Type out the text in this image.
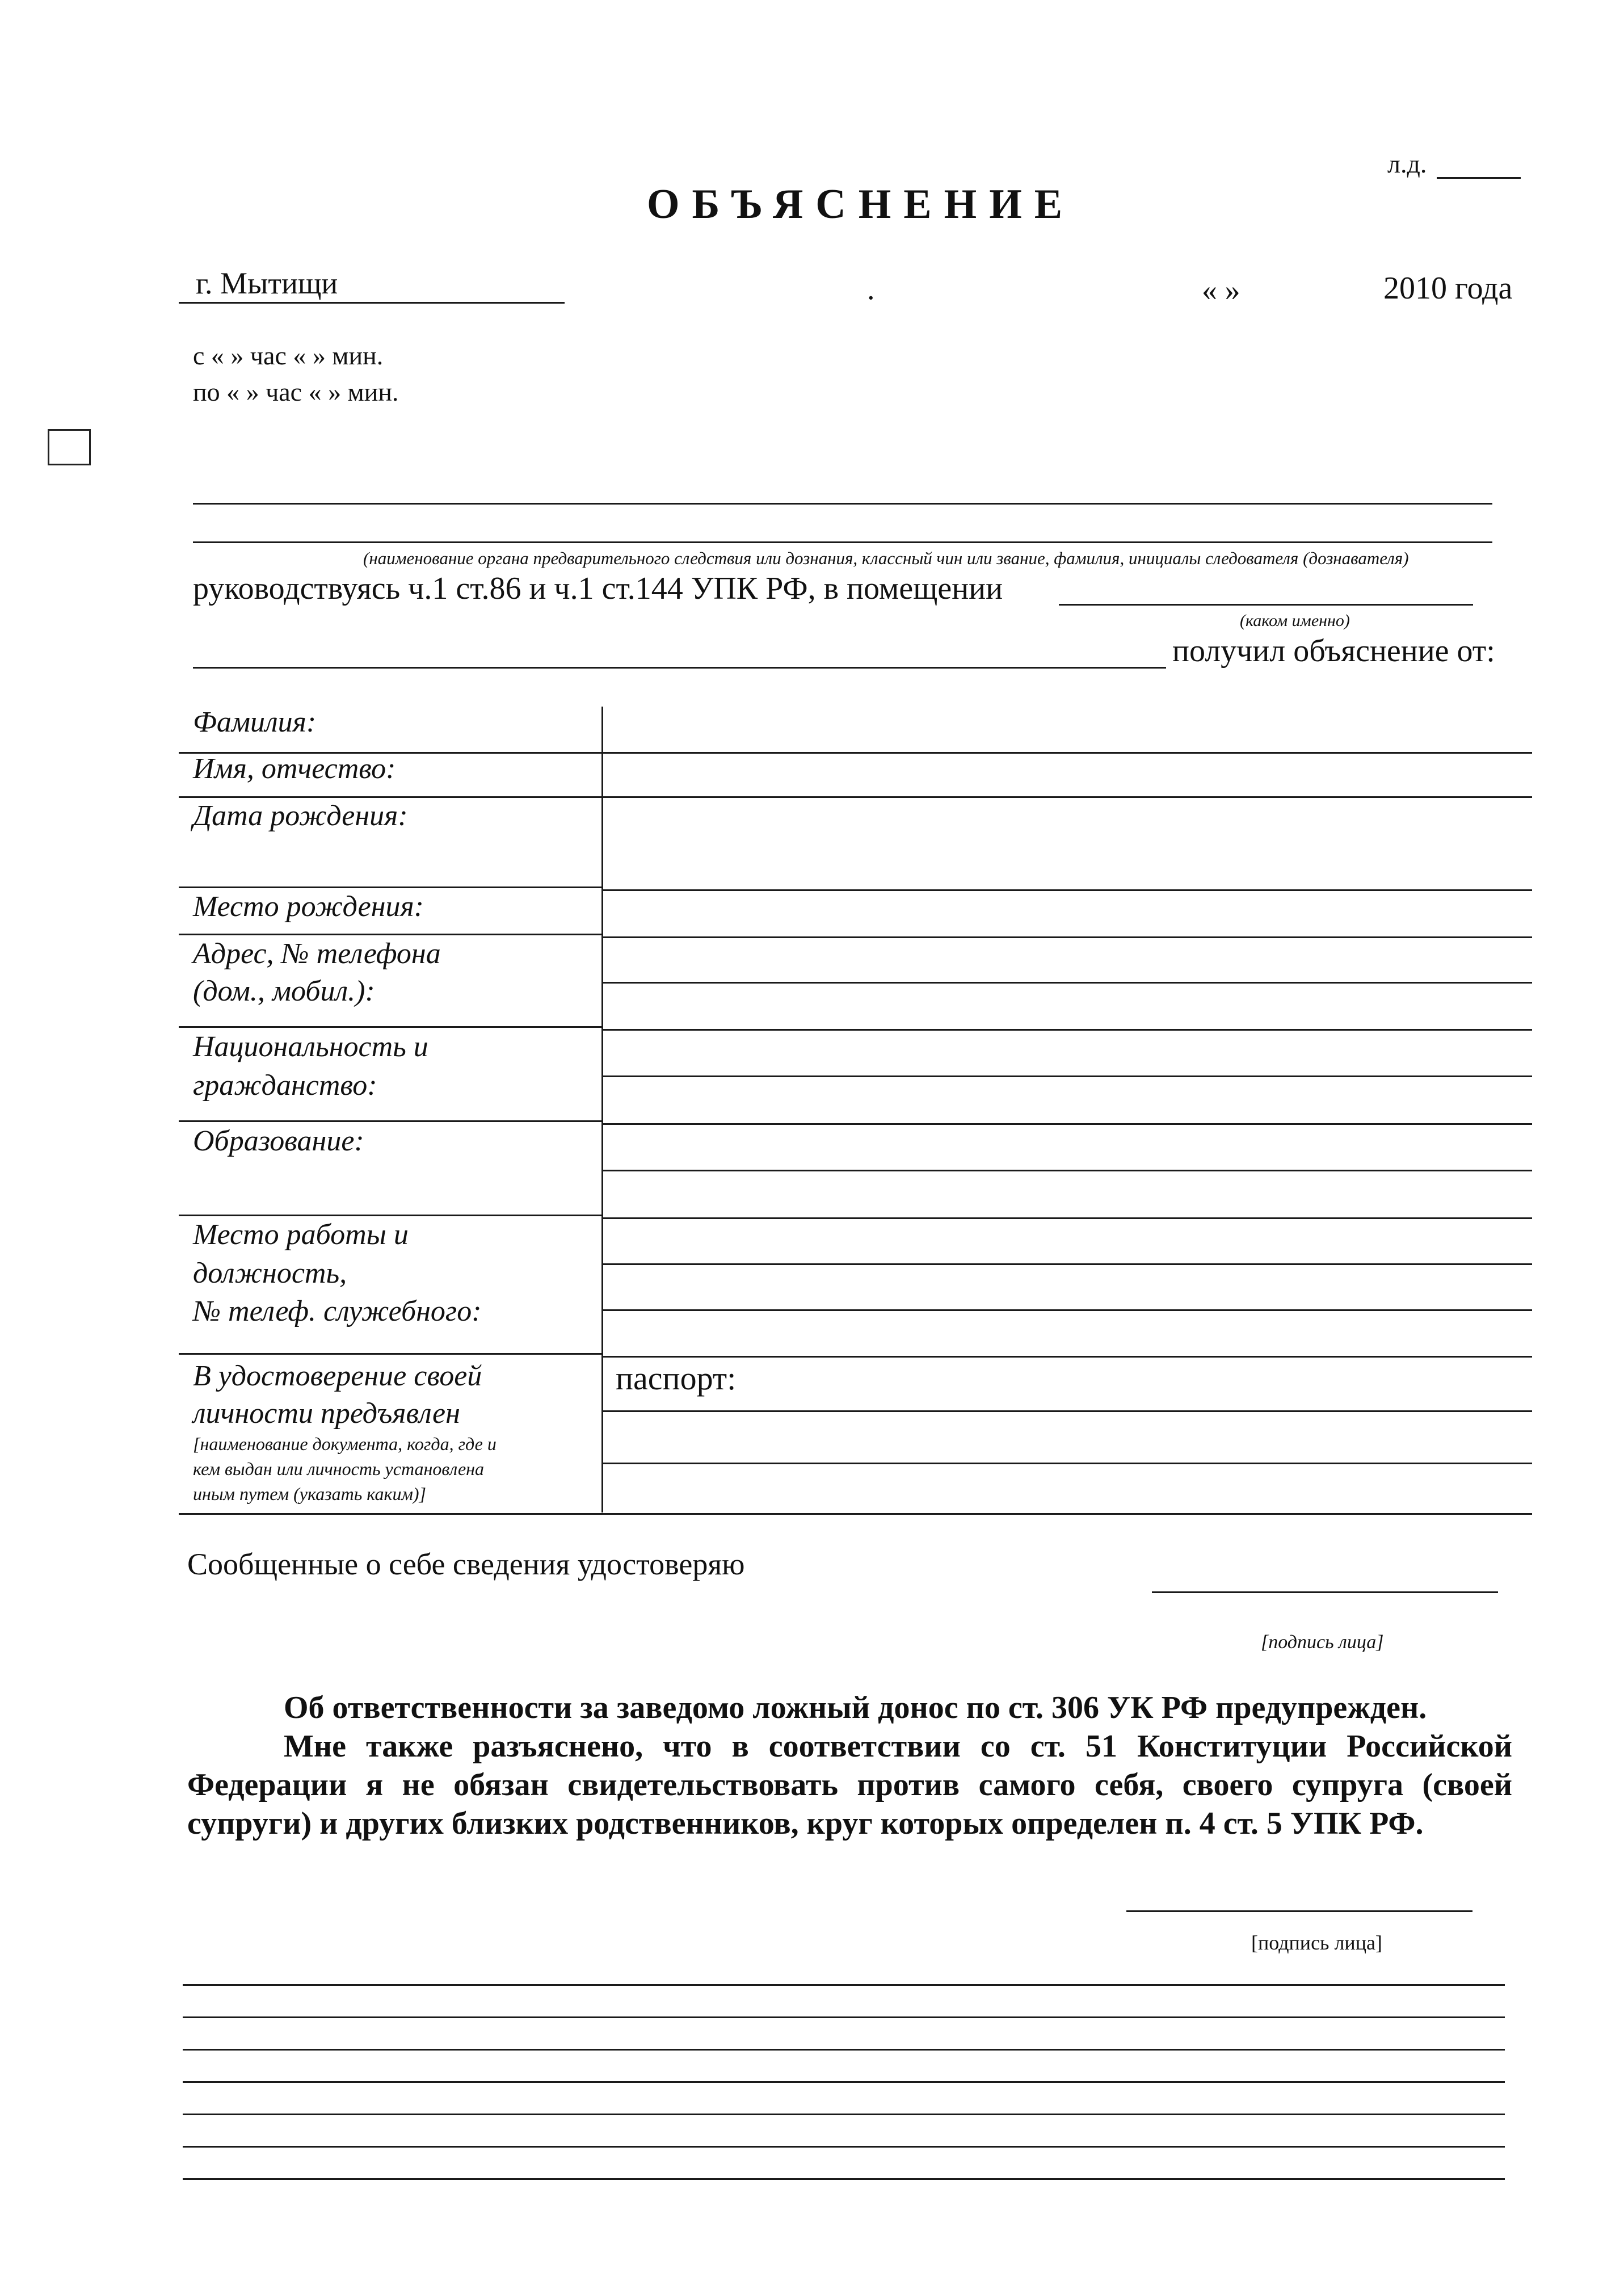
л.д.
ОБЪЯСНЕНИЕ
г. Мытищи	.	« »	2010 года
с « » час « » мин.
по « » час « » мин.
(наименование органа предварительного следствия или дознания, классный чин или звание, фамилия, инициалы следователя (дознавателя)
руководствуясь ч.1 ст.86 и ч.1 ст.144 УПК РФ, в помещении
(каком именно)
получил объяснение от:
Фамилия:
Имя, отчество:
Дата рождения:
Место рождения:
Адрес, № телефона
(дом., мобил.):
Национальность и
гражданство:
Образование:
Место работы и
должность,
№ телеф. служебного:
В удостоверение своей
личности предъявлен
[наименование документа, когда, где и
кем выдан или личность установлена
иным путем (указать каким)]
паспорт:
Сообщенные о себе сведения удостоверяю
[подпись лица]

Об ответственности за заведомо ложный донос по ст. 306 УК РФ предупрежден.

Мне также разъяснено, что в соответствии со ст. 51 Конституции Российской Федерации я не обязан свидетельствовать против самого себя, своего супруга (своей супруги) и других близких родственников, круг которых определен п. 4 ст. 5 УПК РФ.

[подпись лица]
